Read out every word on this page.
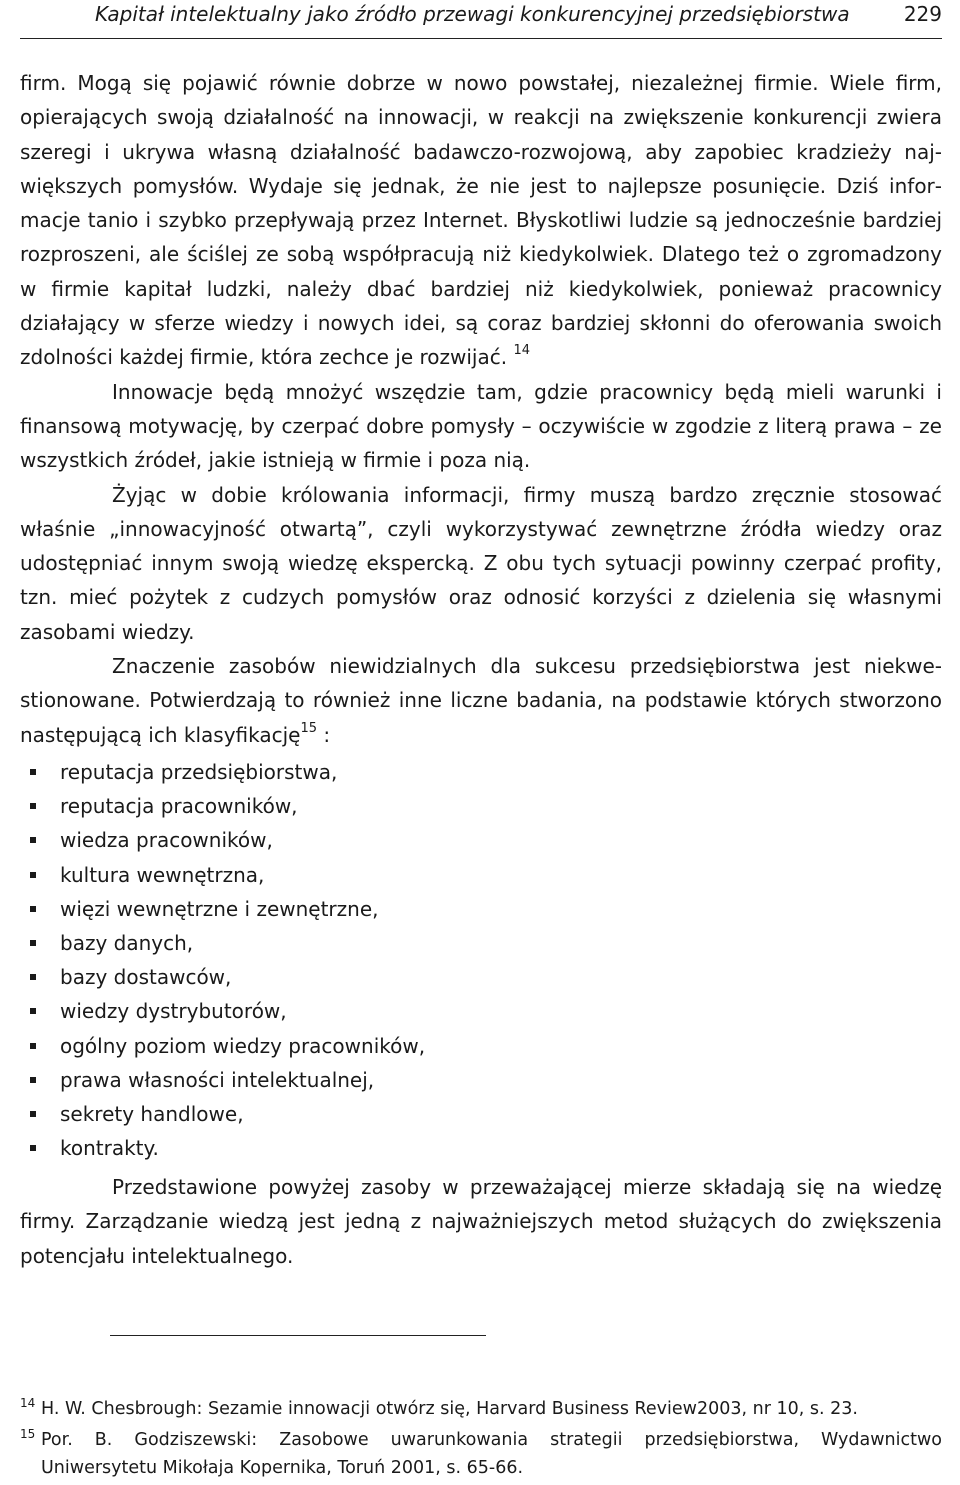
Kapitał intelektualny jako źródło przewagi konkurencyjnej przedsiębiorstwa	229

firm. Mogą się pojawić równie dobrze w nowo powstałej, niezależnej firmie. Wiele firm, opierających swoją działalność na innowacji, w reakcji na zwiększenie konkurencji zwiera szeregi i ukrywa własną działalność badawczo-rozwojową, aby zapobiec kradzieży największych pomysłów. Wydaje się jednak, że nie jest to najlepsze posunięcie. Dziś informacje tanio i szybko przepływają przez Internet. Błyskotliwi ludzie są jednocześnie bardziej rozproszeni, ale ściślej ze sobą współpracują niż kiedykolwiek. Dlatego też o zgromadzony w firmie kapitał ludzki, należy dbać bardziej niż kiedykolwiek, ponieważ pracownicy działający w sferze wiedzy i nowych idei, są coraz bardziej skłonni do oferowania swoich zdolności każdej firmie, która zechce je rozwijać. $^{14}$

Innowacje będą mnożyć wszędzie tam, gdzie pracownicy będą mieli warunki i finansową motywację, by czerpać dobre pomysły – oczywiście w zgodzie z literą prawa – ze wszystkich źródeł, jakie istnieją w firmie i poza nią.

Żyjąc w dobie królowania informacji, firmy muszą bardzo zręcznie stosować właśnie „innowacyjność otwartą”, czyli wykorzystywać zewnętrzne źródła wiedzy oraz udostępniać innym swoją wiedzę ekspercką. Z obu tych sytuacji powinny czerpać profity, tzn. mieć pożytek z cudzych pomysłów oraz odnosić korzyści z dzielenia się własnymi zasobami wiedzy.

Znaczenie zasobów niewidzialnych dla sukcesu przedsiębiorstwa jest niekwestionowane. Potwierdzają to również inne liczne badania, na podstawie których stworzono następującą ich klasyfikację$^{15}$ :

reputacja przedsiębiorstwa,
reputacja pracowników,
wiedza pracowników,
kultura wewnętrzna,
więzi wewnętrzne i zewnętrzne,
bazy danych,
bazy dostawców,
wiedzy dystrybutorów,
ogólny poziom wiedzy pracowników,
prawa własności intelektualnej,
sekrety handlowe,
kontrakty.

Przedstawione powyżej zasoby w przeważającej mierze składają się na wiedzę firmy. Zarządzanie wiedzą jest jedną z najważniejszych metod służących do zwiększenia potencjału intelektualnego.

14 H. W. Chesbrough: Sezamie innowacji otwórz się, Harvard Business Review2003, nr 10, s. 23.

15 Por. B. Godziszewski: Zasobowe uwarunkowania strategii przedsiębiorstwa, Wydawnictwo Uniwersytetu Mikołaja Kopernika, Toruń 2001, s. 65-66.
